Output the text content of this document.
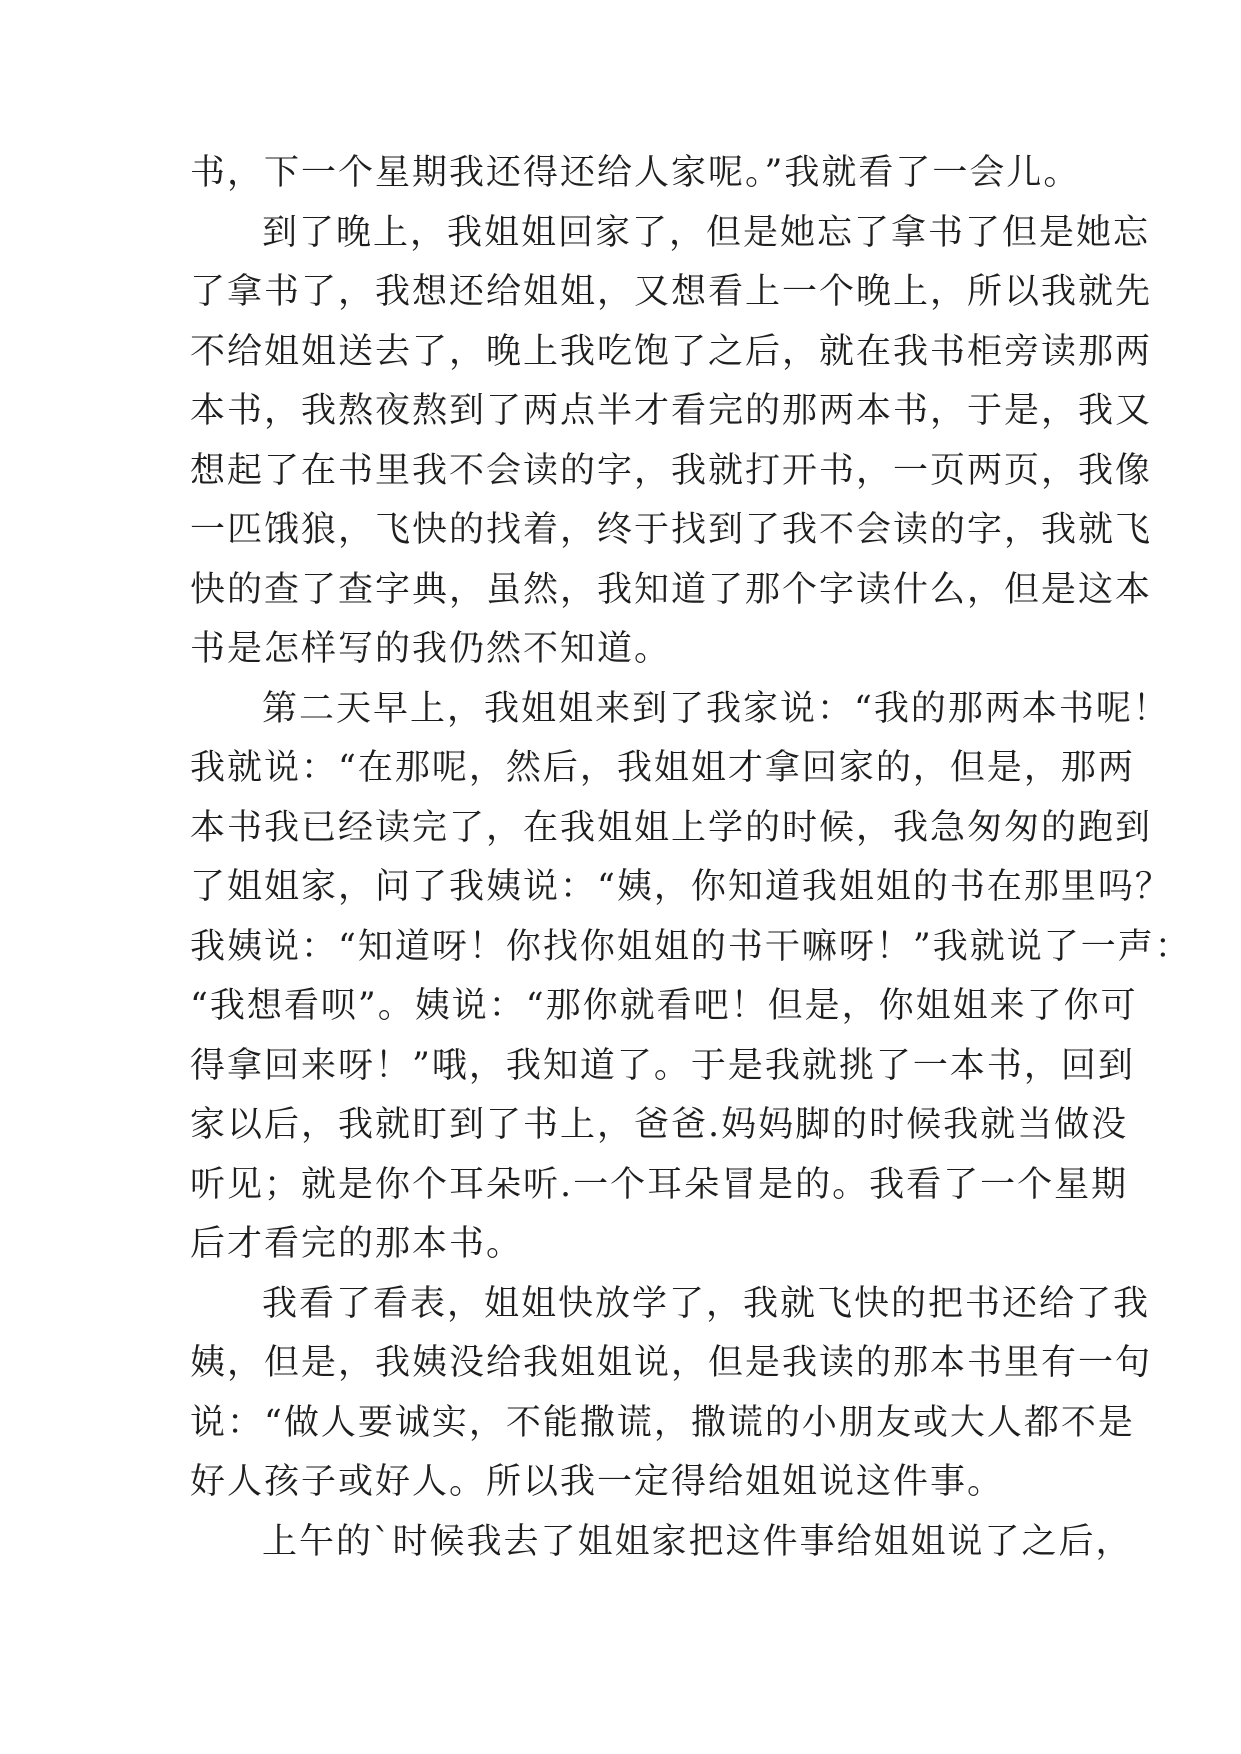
书，下一个星期我还得还给人家呢。”我就看了一会儿。
到了晚上，我姐姐回家了，但是她忘了拿书了但是她忘
了拿书了，我想还给姐姐，又想看上一个晚上，所以我就先
不给姐姐送去了，晚上我吃饱了之后，就在我书柜旁读那两
本书，我熬夜熬到了两点半才看完的那两本书，于是，我又
想起了在书里我不会读的字，我就打开书，一页两页，我像
一匹饿狼，飞快的找着，终于找到了我不会读的字，我就飞
快的查了查字典，虽然，我知道了那个字读什么，但是这本
书是怎样写的我仍然不知道。
第二天早上，我姐姐来到了我家说：“我的那两本书呢！
我就说：“在那呢，然后，我姐姐才拿回家的，但是，那两
本书我已经读完了，在我姐姐上学的时候，我急匆匆的跑到
了姐姐家，问了我姨说：“姨，你知道我姐姐的书在那里吗？
我姨说：“知道呀！你找你姐姐的书干嘛呀！”我就说了一声：
“我想看呗”。姨说：“那你就看吧！但是，你姐姐来了你可
得拿回来呀！”哦，我知道了。于是我就挑了一本书，回到
家以后，我就盯到了书上，爸爸.妈妈脚的时候我就当做没
听见；就是你个耳朵听.一个耳朵冒是的。我看了一个星期
后才看完的那本书。
我看了看表，姐姐快放学了，我就飞快的把书还给了我
姨，但是，我姨没给我姐姐说，但是我读的那本书里有一句
说：“做人要诚实，不能撒谎，撒谎的小朋友或大人都不是
好人孩子或好人。所以我一定得给姐姐说这件事。
上午的`时候我去了姐姐家把这件事给姐姐说了之后，
